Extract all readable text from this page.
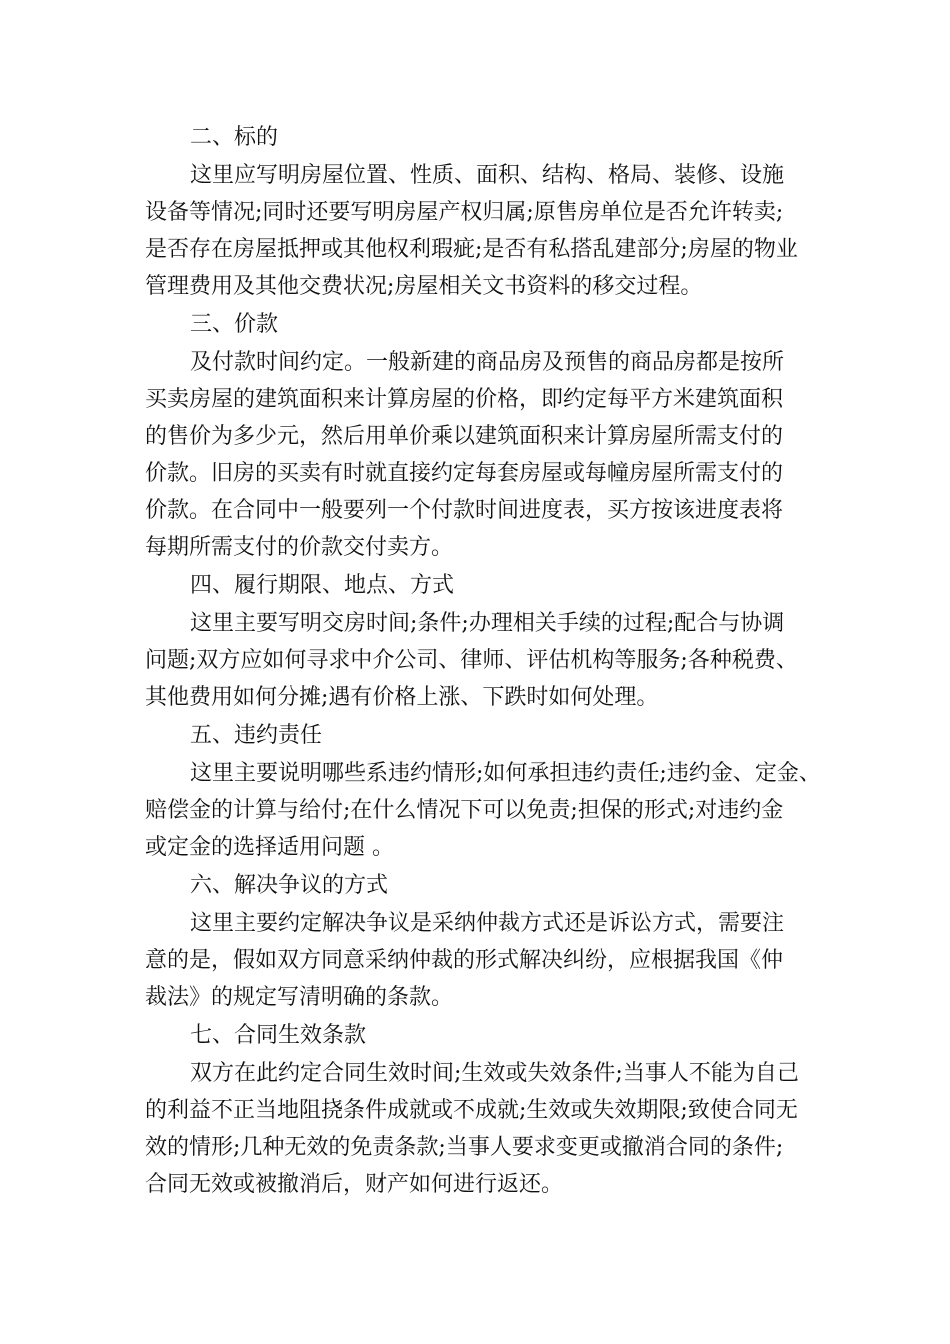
二、标的
这里应写明房屋位置、性质、面积、结构、格局、装修、设施
设备等情况;同时还要写明房屋产权归属;原售房单位是否允许转卖;
是否存在房屋抵押或其他权利瑕疵;是否有私搭乱建部分;房屋的物业
管理费用及其他交费状况;房屋相关文书资料的移交过程。
三、价款
及付款时间约定。一般新建的商品房及预售的商品房都是按所
买卖房屋的建筑面积来计算房屋的价格，即约定每平方米建筑面积
的售价为多少元，然后用单价乘以建筑面积来计算房屋所需支付的
价款。旧房的买卖有时就直接约定每套房屋或每幢房屋所需支付的
价款。在合同中一般要列一个付款时间进度表，买方按该进度表将
每期所需支付的价款交付卖方。
四、履行期限、地点、方式
这里主要写明交房时间;条件;办理相关手续的过程;配合与协调
问题;双方应如何寻求中介公司、律师、评估机构等服务;各种税费、
其他费用如何分摊;遇有价格上涨、下跌时如何处理。
五、违约责任
这里主要说明哪些系违约情形;如何承担违约责任;违约金、定金、
赔偿金的计算与给付;在什么情况下可以免责;担保的形式;对违约金
或定金的选择适用问题 。
六、解决争议的方式
这里主要约定解决争议是采纳仲裁方式还是诉讼方式，需要注
意的是，假如双方同意采纳仲裁的形式解决纠纷，应根据我国《仲
裁法》的规定写清明确的条款。
七、合同生效条款
双方在此约定合同生效时间;生效或失效条件;当事人不能为自己
的利益不正当地阻挠条件成就或不成就;生效或失效期限;致使合同无
效的情形;几种无效的免责条款;当事人要求变更或撤消合同的条件;
合同无效或被撤消后，财产如何进行返还。
